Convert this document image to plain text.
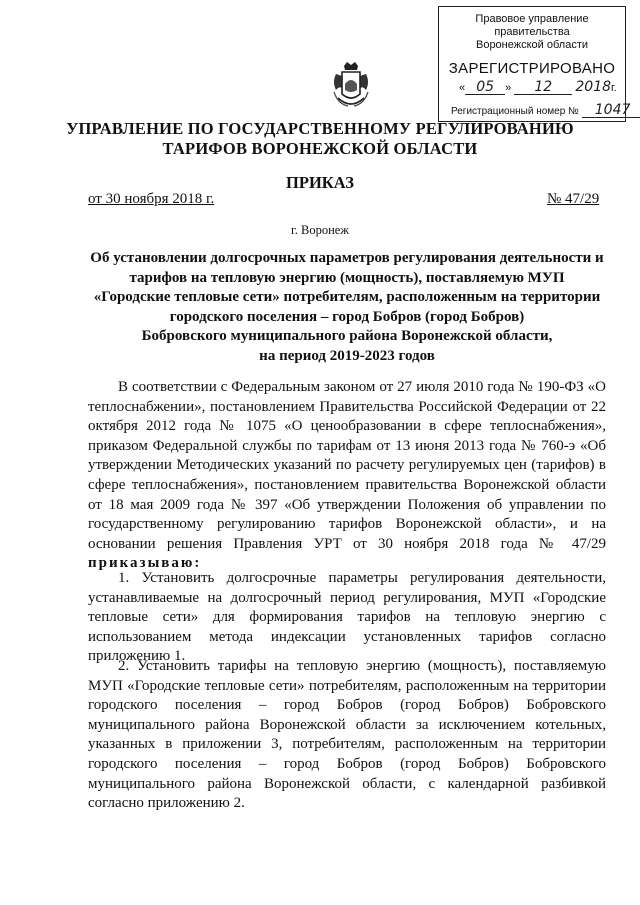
Правовое управление правительства
Воронежской области
ЗАРЕГИСТРИРОВАНО
« 05 » 12 2018г.
Регистрационный номер № 1047
УПРАВЛЕНИЕ ПО ГОСУДАРСТВЕННОМУ РЕГУЛИРОВАНИЮ
ТАРИФОВ ВОРОНЕЖСКОЙ ОБЛАСТИ
ПРИКАЗ
от 30 ноября 2018 г.	№ 47/29
г. Воронеж
Об установлении долгосрочных параметров регулирования деятельности и
тарифов на тепловую энергию (мощность), поставляемую МУП
«Городские тепловые сети» потребителям, расположенным на территории
городского поселения – город Бобров (город Бобров)
Бобровского муниципального района Воронежской области,
на период 2019-2023 годов

В соответствии с Федеральным законом от 27 июля 2010 года № 190-ФЗ «О теплоснабжении», постановлением Правительства Российской Федерации от 22 октября 2012 года № 1075 «О ценообразовании в сфере теплоснабжения», приказом Федеральной службы по тарифам от 13 июня 2013 года № 760-э «Об утверждении Методических указаний по расчету регулируемых цен (тарифов) в сфере теплоснабжения», постановлением правительства Воронежской области от 18 мая 2009 года № 397 «Об утверждении Положения об управлении по государственному регулированию тарифов Воронежской области», и на основании решения Правления УРТ от 30 ноября 2018 года № 47/29 приказываю:

1. Установить долгосрочные параметры регулирования деятельности, устанавливаемые на долгосрочный период регулирования, МУП «Городские тепловые сети» для формирования тарифов на тепловую энергию с использованием метода индексации установленных тарифов согласно приложению 1.

2. Установить тарифы на тепловую энергию (мощность), поставляемую МУП «Городские тепловые сети» потребителям, расположенным на территории городского поселения – город Бобров (город Бобров) Бобровского муниципального района Воронежской области за исключением котельных, указанных в приложении 3, потребителям, расположенным на территории городского поселения – город Бобров (город Бобров) Бобровского муниципального района Воронежской области, с календарной разбивкой согласно приложению 2.
